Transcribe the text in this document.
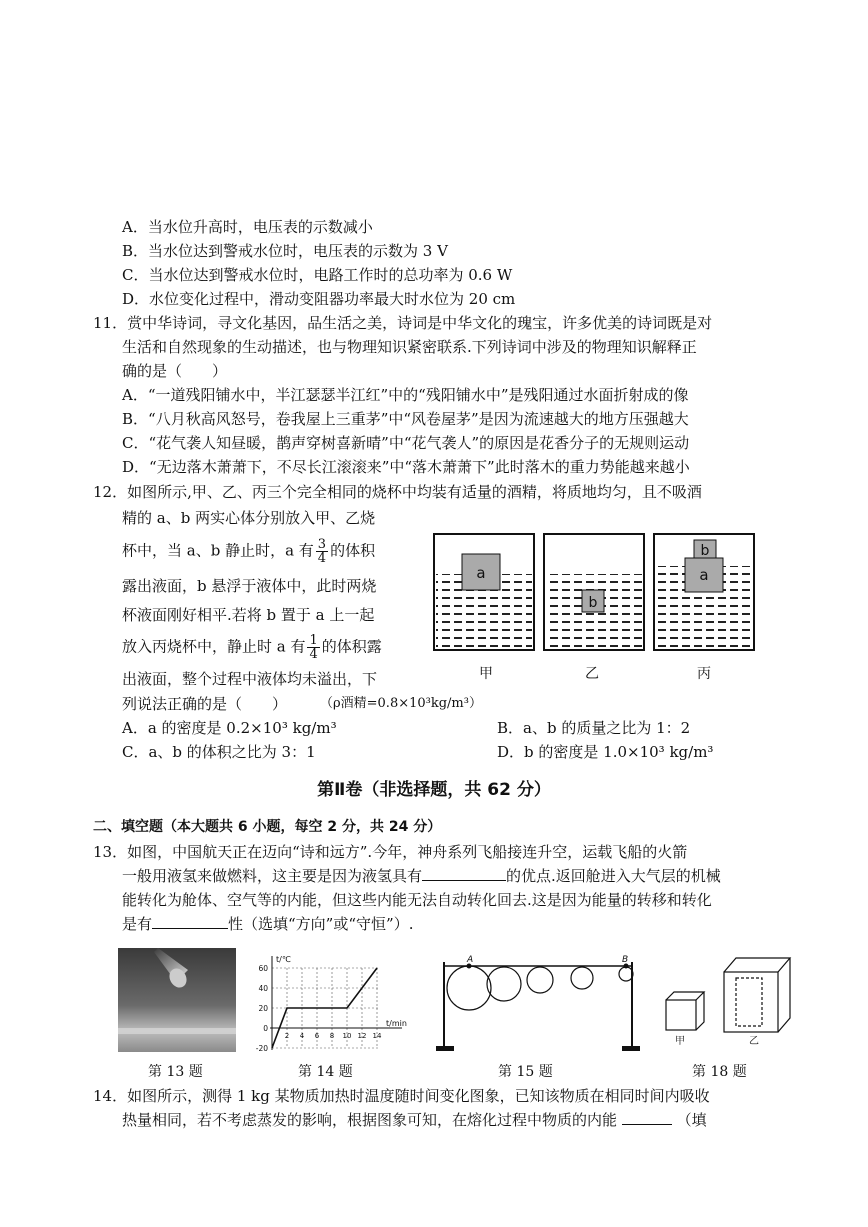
A．当水位升高时，电压表的示数减小
B．当水位达到警戒水位时，电压表的示数为 3 V
C．当水位达到警戒水位时，电路工作时的总功率为 0.6 W
D．水位变化过程中，滑动变阻器功率最大时水位为 20 cm
11．赏中华诗词，寻文化基因，品生活之美，诗词是中华文化的瑰宝，许多优美的诗词既是对
生活和自然现象的生动描述，也与物理知识紧密联系.下列诗词中涉及的物理知识解释正
确的是（　　）
A．“一道残阳铺水中，半江瑟瑟半江红”中的“残阳铺水中”是残阳通过水面折射成的像
B．“八月秋高风怒号，卷我屋上三重茅”中“风卷屋茅”是因为流速越大的地方压强越大
C．“花气袭人知昼暖，鹊声穿树喜新晴”中“花气袭人”的原因是花香分子的无规则运动
D．“无边落木萧萧下，不尽长江滚滚来”中“落木萧萧下”此时落木的重力势能越来越小
12．如图所示,甲、乙、丙三个完全相同的烧杯中均装有适量的酒精，将质地均匀，且不吸酒
精的 a、b 两实心体分别放入甲、乙烧
杯中，当 a、b 静止时，a 有 $\frac{3}{4}$ 的体积
露出液面，b 悬浮于液体中，此时两烧
杯液面刚好相平.若将 b 置于 a 上一起
放入丙烧杯中，静止时 a 有 $\frac{1}{4}$ 的体积露
出液面，整个过程中液体均未溢出，下
列说法正确的是（　　）	（ρ酒精=0.8×10³kg/m³）
a
b
a
b
甲	乙	丙
A．a 的密度是 0.2×10³ kg/m³	B．a、b 的质量之比为 1：2
C．a、b 的体积之比为 3：1	D．b 的密度是 1.0×10³ kg/m³
第Ⅱ卷（非选择题，共 62 分）
二、填空题（本大题共 6 小题，每空 2 分，共 24 分）
13．如图，中国航天正在迈向“诗和远方”.今年，神舟系列飞船接连升空，运载飞船的火箭
一般用液氢来做燃料，这主要是因为液氢具有	的优点.返回舱进入大气层的机械
能转化为舱体、空气等的内能，但这些内能无法自动转化回去.这是因为能量的转移和转化
是有	性（选填“方向”或“守恒”）.
t/℃
t/min
60
40
20
0
-20
2 4 6 8 10 12 14
A	B
甲	乙
第 13 题	第 14 题	第 15 题	第 18 题
14．如图所示，测得 1 kg 某物质加热时温度随时间变化图象，已知该物质在相同时间内吸收
热量相同，若不考虑蒸发的影响，根据图象可知，在熔化过程中物质的内能	（填
